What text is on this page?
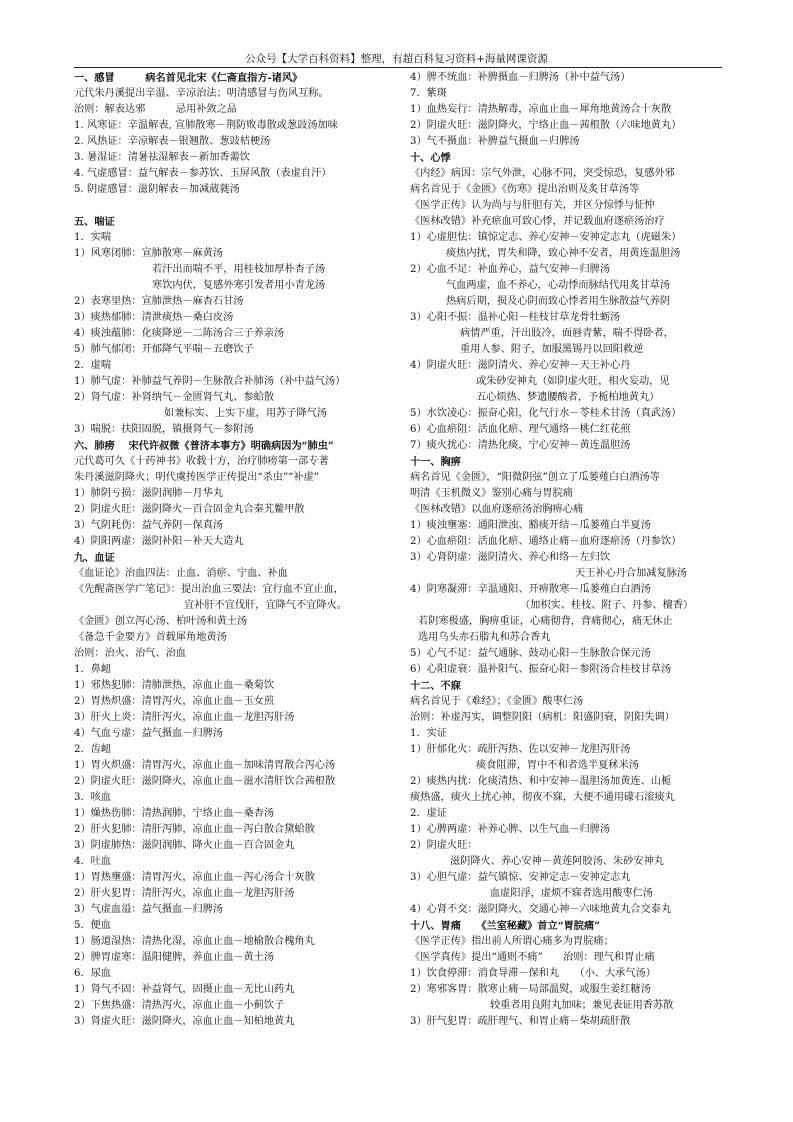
公众号【大学百科资料】整理，有超百科复习资料+海量网课资源
一、感冒　　　病名首见北宋《仁斋直指方-诸风》
元代朱丹溪提出辛温、辛凉治法；明清感冒与伤风互称。
治则：解表达邪　　　忌用补敛之品
1. 风寒证：辛温解表, 宣肺散寒－荆防败毒散或葱豉汤加味
2. 风热证：辛凉解表－银翘散、葱豉桔梗汤
3. 暑湿证：清暑祛湿解表－新加香薷饮
4. 气虚感冒：益气解表－参苏饮、玉屏风散（表虚自汗）
5. 阴虚感冒：滋阴解表－加减葳蕤汤
五、喘证
1．实喘
1）风寒闭肺：宣肺散寒－麻黄汤
若汗出而喘不平，用桂枝加厚朴杏子汤
寒饮内伏，复感外寒引发者用小青龙汤
2）表寒里热：宣肺泄热－麻杏石甘汤
3）痰热郁肺：清泄痰热－桑白皮汤
4）痰浊蕴肺：化痰降逆－二陈汤合三子养亲汤
5）肺气郁闭：开郁降气平喘－五磨饮子
2．虚喘
1）肺气虚：补肺益气养阴－生脉散合补肺汤（补中益气汤）
2）肾气虚：补肾纳气－金匮肾气丸、参蛤散
如兼标实、上实下虚，用苏子降气汤
3）喘脱：扶阳固脱，镇摄肾气－参附汤
六、肺痨　 宋代许叔微《普济本事方》明确病因为“肺虫”
元代葛可久《十药神书》收载十方，治疗肺痨第一部专著
朱丹溪滋阴降火；明代虞抟医学正传提出“杀虫”“补虚”
1）肺阴亏损：滋阴润肺－月华丸
2）阴虚火旺：滋阴降火－百合固金丸合秦艽鳖甲散
3）气阴耗伤：益气养阴－保真汤
4）阴阳两虚：滋阴补阳－补天大造丸
九、血证
《血证论》治血四法：止血、消瘀、宁血、补血
《先醒斋医学广笔记》：提出治血三要法：宜行血不宜止血，
宜补肝不宜伐肝，宜降气不宜降火。
《金匮》创立泻心汤、柏叶汤和黄土汤
《备急千金要方》首载犀角地黄汤
治则：治火、治气、治血
1．鼻衄
1）邪热犯肺：清肺泄热，凉血止血－桑菊饮
2）胃热炽盛：清胃泻火，凉血止血－玉女煎
3）肝火上炎：清肝泻火，凉血止血－龙胆泻肝汤
4）气血亏虚：益气摄血－归脾汤
2．齿衄
1）胃火炽盛：清胃泻火，凉血止血－加味清胃散合泻心汤
2）阴虚火旺：滋阴降火，凉血止血－滋水清肝饮合茜根散
3．咳血
1）燥热伤肺：清热润肺，宁络止血－桑杏汤
2）肝火犯肺：清肝泻肺，凉血止血－泻白散合黛蛤散
3）阴虚肺热：滋阴润肺、降火止血－百合固金丸
4．吐血
1）胃热壅盛：清胃泻火，凉血止血－泻心汤合十灰散
2）肝火犯胃：清肝泻火，凉血止血－龙胆泻肝汤
3）气虚血溢：益气摄血－归脾汤
5．便血
1）肠道湿热：清热化湿，凉血止血－地榆散合槐角丸
2）脾胃虚寒：温阳健脾，养血止血－黄土汤
6．尿血
1）肾气不固：补益肾气，固摄止血－无比山药丸
2）下焦热盛：清热泻火，凉血止血－小蓟饮子
3）肾虚火旺：滋阴降火，凉血止血－知柏地黄丸
4）脾不统血：补脾摄血－归脾汤（补中益气汤）
7．紫斑
1）血热妄行：清热解毒，凉血止血－犀角地黄汤合十灰散
2）阴虚火旺：滋阴降火，宁络止血－茜根散（六味地黄丸）
3）气不摄血：补脾益气摄血－归脾汤
十、心悸
《内经》病因：宗气外泄，心脉不同，突受惊恐，复感外邪
病名首见于《金匮》《伤寒》提出治则及炙甘草汤等
《医学正传》认为尚与与肝胆有关，并区分惊悸与怔忡
《医林改错》补充瘀血可致心悸，并记载血府逐瘀汤治疗
1）心虚胆怯：镇惊定志、养心安神－安神定志丸（虎磁朱）
痰热内扰，胃失和降，致心神不安者，用黄连温胆汤
2）心血不足：补血养心，益气安神－归脾汤
气血两虚，血不养心，心动悸而脉结代用炙甘草汤
热病后期，损及心阴而致心悸者用生脉散益气养阴
3）心阳不振：温补心阳－桂枝甘草龙骨牡蛎汤
病情严重，汗出肢冷，面唇青紫，喘不得卧者，
重用人参、附子，加服黑锡丹以回阳救逆
4）阴虚火旺：滋阴清火、养心安神－天王补心丹
或朱砂安神丸（如阴虚火旺，相火妄动，见
五心烦热、梦遗腰酸者，予栀柏地黄丸）
5）水饮凌心：振奋心阳，化气行水－苓桂术甘汤（真武汤）
6）心血瘀阻：活血化瘀、理气通络－桃仁红花煎
7）痰火扰心：清热化痰，宁心安神－黄连温胆汤
十一、胸痹
病名首见《金匮》，“阳微阴弦”创立了瓜蒌薤白白酒汤等
明清《玉机微义》鉴别心痛与胃脘痛
《医林改错》以血府逐瘀汤治胸痹心痛
1）痰浊壅塞：通阳泄浊、豁痰开结－瓜蒌薤白半夏汤
2）心血瘀阻：活血化瘀、通络止痛－血府逐瘀汤（丹参饮）
3）心肾阴虚：滋阴清火、养心和络－左归饮
天王补心丹合加减复脉汤
4）阴寒凝滞：辛温通阳、开痹散寒－瓜蒌薤白白酒汤
（加枳实、桂枝、附子、丹参、檀香）
若阴寒极盛，胸痹重证，心痛彻背，背痛彻心，痛无休止
选用乌头赤石脂丸和苏合香丸
5）心气不足：益气通脉、鼓动心阳－生脉散合保元汤
6）心阳虚衰：温补阳气、振奋心阳－参附汤合桂枝甘草汤
十二、不寐
病名首见于《难经》；《金匮》酸枣仁汤
治则：补虚泻实，调整阴阳（病机：阳盛阴衰，阴阳失调）
1．实证
1）肝郁化火：疏肝泻热、佐以安神－龙胆泻肝汤
痰食阻滞，胃中不和者选半夏秫米汤
2）痰热内扰：化痰清热、和中安神－温胆汤加黄连、山栀
痰热盛，痰火上扰心神，彻夜不寐，大便不通用礞石滚痰丸
2．虚证
1）心脾两虚：补养心脾、以生气血－归脾汤
2）阴虚火旺：
滋阴降火、养心安神－黄莲阿胶汤、朱砂安神丸
3）心胆气虚：益气镇惊、安神定志－安神定志丸
血虚阳浮，虚烦不寐者选用酸枣仁汤
4）心肾不交：滋阴降火，交通心神－六味地黄丸合交泰丸
十八、胃痛　　《兰室秘藏》首立“胃脘痛”
《医学正传》指出前人所谓心痛多为胃脘痛；
《医学真传》提出“通则不痛”　　治则：理气和胃止痛
1）饮食停滞：消食导滞－保和丸　　（小、大承气汤）
2）寒邪客胃：散寒止痛－局部温熨，或服生姜红糖汤
较重者用良附丸加味；兼见表证用香苏散
3）肝气犯胃：疏肝理气、和胃止痛－柴胡疏肝散
